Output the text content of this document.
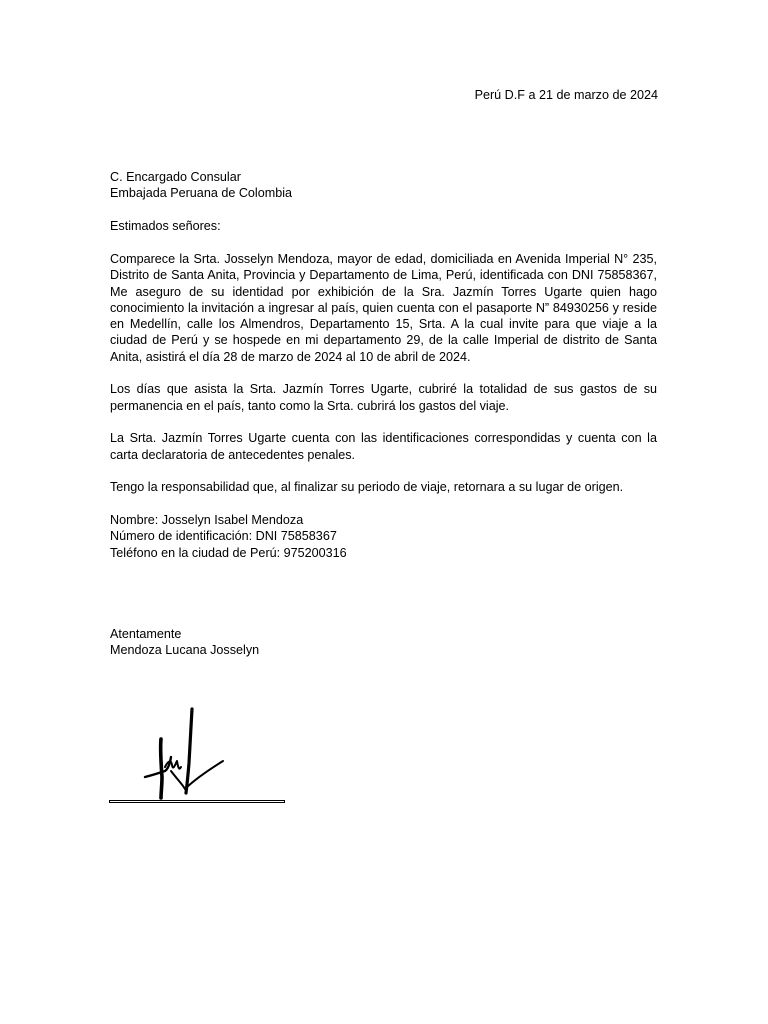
Perú D.F a 21 de marzo de 2024
C. Encargado Consular
Embajada Peruana de Colombia
Estimados señores:

Comparece la Srta. Josselyn Mendoza, mayor de edad, domiciliada en Avenida Imperial N° 235, Distrito de Santa Anita, Provincia y Departamento de Lima, Perú, identificada con DNI 75858367, Me aseguro de su identidad por exhibición de la Sra. Jazmín Torres Ugarte quien hago conocimiento la invitación a ingresar al país, quien cuenta con el pasaporte N” 84930256 y reside en Medellín, calle los Almendros, Departamento 15, Srta. A la cual invite para que viaje a la ciudad de Perú y se hospede en mi departamento 29, de la calle Imperial de distrito de Santa Anita, asistirá el día 28 de marzo de 2024 al 10 de abril de 2024.

Los días que asista la Srta. Jazmín Torres Ugarte, cubriré la totalidad de sus gastos de su permanencia en el país, tanto como la Srta. cubrirá los gastos del viaje.

La Srta. Jazmín Torres Ugarte cuenta con las identificaciones correspondidas y cuenta con la carta declaratoria de antecedentes penales.

Tengo la responsabilidad que, al finalizar su periodo de viaje, retornara a su lugar de origen.

Nombre: Josselyn Isabel Mendoza
Número de identificación: DNI 75858367
Teléfono en la ciudad de Perú: 975200316
Atentamente
Mendoza Lucana Josselyn
